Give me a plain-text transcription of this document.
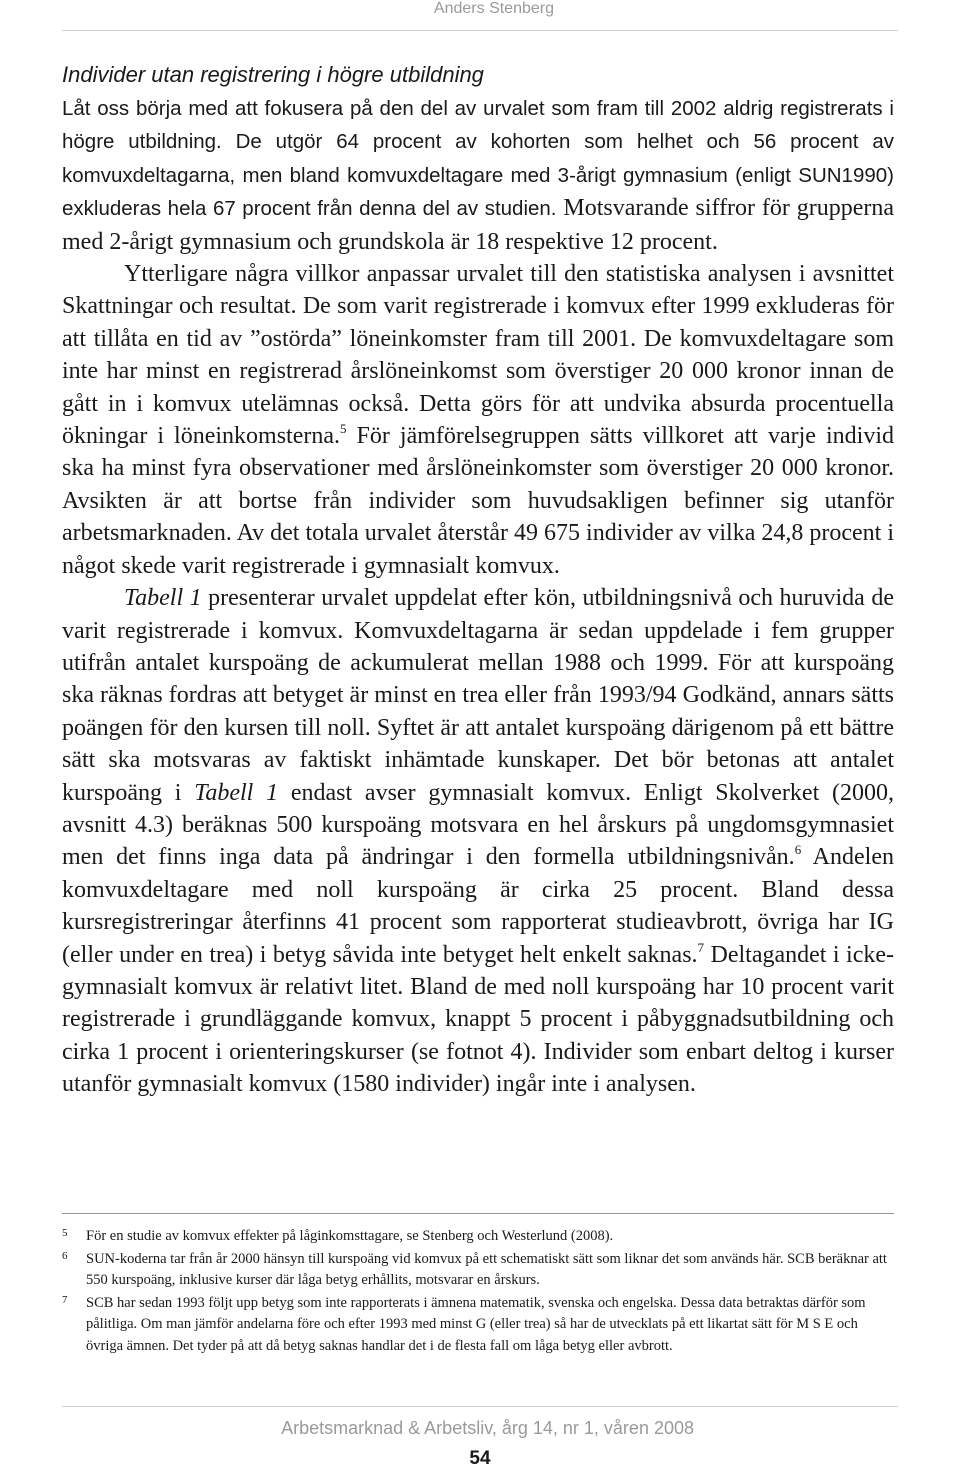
Anders Stenberg

Individer utan registrering i högre utbildning

Låt oss börja med att fokusera på den del av urvalet som fram till 2002 aldrig registrerats i högre utbildning. De utgör 64 procent av kohorten som helhet och 56 procent av komvuxdeltagarna, men bland komvuxdeltagare med 3-årigt gymnasium (enligt SUN1990) exkluderas hela 67 procent från denna del av studien. Motsvarande siffror för grupperna med 2-årigt gymnasium och grundskola är 18 respektive 12 procent.

Ytterligare några villkor anpassar urvalet till den statistiska analysen i avsnittet Skattningar och resultat. De som varit registrerade i komvux efter 1999 exkluderas för att tillåta en tid av ”ostörda” löneinkomster fram till 2001. De komvuxdeltagare som inte har minst en registrerad årslöneinkomst som överstiger 20 000 kronor innan de gått in i komvux utelämnas också. Detta görs för att undvika absurda procentuella ökningar i löneinkomsterna.$^5$ För jämförelsegruppen sätts villkoret att varje individ ska ha minst fyra observationer med årslöneinkomster som överstiger 20 000 kronor. Avsikten är att bortse från individer som huvudsakligen befinner sig utanför arbetsmarknaden. Av det totala urvalet återstår 49 675 individer av vilka 24,8 procent i något skede varit registrerade i gymnasialt komvux.

Tabell 1 presenterar urvalet uppdelat efter kön, utbildningsnivå och huruvida de varit registrerade i komvux. Komvuxdeltagarna är sedan uppdelade i fem grupper utifrån antalet kurspoäng de ackumulerat mellan 1988 och 1999. För att kurspoäng ska räknas fordras att betyget är minst en trea eller från 1993/94 Godkänd, annars sätts poängen för den kursen till noll. Syftet är att antalet kurspoäng därigenom på ett bättre sätt ska motsvaras av faktiskt inhämtade kunskaper. Det bör betonas att antalet kurspoäng i Tabell 1 endast avser gymnasialt komvux. Enligt Skolverket (2000, avsnitt 4.3) beräknas 500 kurspoäng motsvara en hel årskurs på ungdomsgymnasiet men det finns inga data på ändringar i den formella utbildningsnivån.$^6$ Andelen komvuxdeltagare med noll kurspoäng är cirka 25 procent. Bland dessa kursregistreringar återfinns 41 procent som rapporterat studieavbrott, övriga har IG (eller under en trea) i betyg såvida inte betyget helt enkelt saknas.$^7$ Deltagandet i icke-gymnasialt komvux är relativt litet. Bland de med noll kurspoäng har 10 procent varit registrerade i grundläggande komvux, knappt 5 procent i påbyggnadsutbildning och cirka 1 procent i orienteringskurser (se fotnot 4). Individer som enbart deltog i kurser utanför gymnasialt komvux (1580 individer) ingår inte i analysen.

5 För en studie av komvux effekter på låginkomsttagare, se Stenberg och Westerlund (2008).

6 SUN-koderna tar från år 2000 hänsyn till kurspoäng vid komvux på ett schematiskt sätt som liknar det som används här. SCB beräknar att 550 kurspoäng, inklusive kurser där låga betyg erhållits, motsvarar en årskurs.

7 SCB har sedan 1993 följt upp betyg som inte rapporterats i ämnena matematik, svenska och engelska. Dessa data betraktas därför som pålitliga. Om man jämför andelarna före och efter 1993 med minst G (eller trea) så har de utvecklats på ett likartat sätt för M S E och övriga ämnen. Det tyder på att då betyg saknas handlar det i de flesta fall om låga betyg eller avbrott.

Arbetsmarknad & Arbetsliv, årg 14, nr 1, våren 2008
54
